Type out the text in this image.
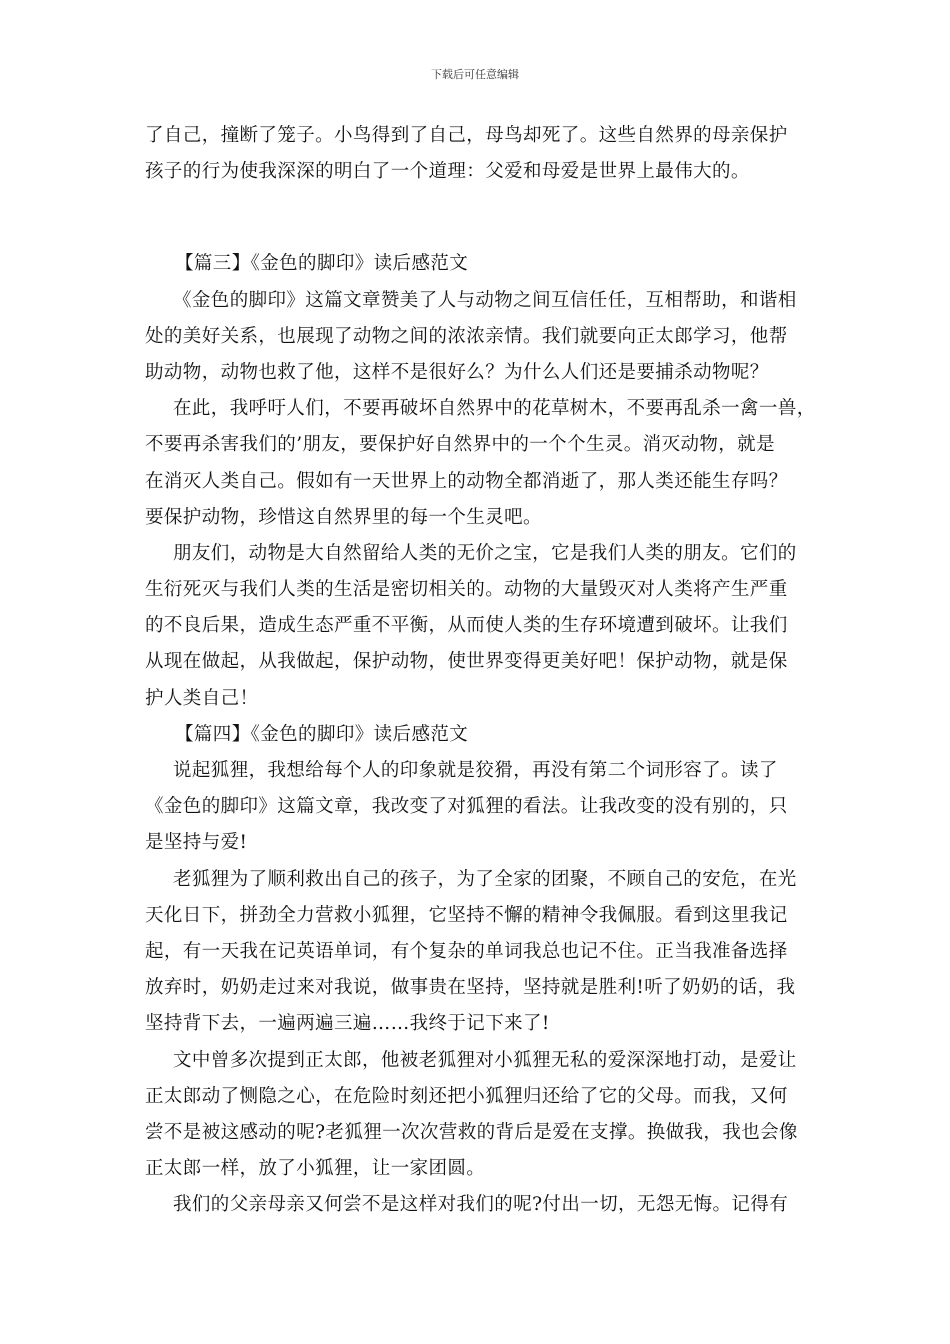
下载后可任意编辑
了自己，撞断了笼子。小鸟得到了自己，母鸟却死了。这些自然界的母亲保护
孩子的行为使我深深的明白了一个道理：父爱和母爱是世界上最伟大的。
【篇三】《金色的脚印》读后感范文
《金色的脚印》这篇文章赞美了人与动物之间互信任任，互相帮助，和谐相
处的美好关系，也展现了动物之间的浓浓亲情。我们就要向正太郎学习，他帮
助动物，动物也救了他，这样不是很好么？为什么人们还是要捕杀动物呢？
在此，我呼吁人们，不要再破坏自然界中的花草树木，不要再乱杀一禽一兽，
不要再杀害我们的’朋友，要保护好自然界中的一个个生灵。消灭动物，就是
在消灭人类自己。假如有一天世界上的动物全都消逝了，那人类还能生存吗？
要保护动物，珍惜这自然界里的每一个生灵吧。
朋友们，动物是大自然留给人类的无价之宝，它是我们人类的朋友。它们的
生衍死灭与我们人类的生活是密切相关的。动物的大量毁灭对人类将产生严重
的不良后果，造成生态严重不平衡，从而使人类的生存环境遭到破坏。让我们
从现在做起，从我做起，保护动物，使世界变得更美好吧！保护动物，就是保
护人类自己！
【篇四】《金色的脚印》读后感范文
说起狐狸，我想给每个人的印象就是狡猾，再没有第二个词形容了。读了
《金色的脚印》这篇文章，我改变了对狐狸的看法。让我改变的没有别的，只
是坚持与爱!
老狐狸为了顺利救出自己的孩子，为了全家的团聚，不顾自己的安危，在光
天化日下，拼劲全力营救小狐狸，它坚持不懈的精神令我佩服。看到这里我记
起，有一天我在记英语单词，有个复杂的单词我总也记不住。正当我准备选择
放弃时，奶奶走过来对我说，做事贵在坚持，坚持就是胜利!听了奶奶的话，我
坚持背下去，一遍两遍三遍……我终于记下来了!
文中曾多次提到正太郎，他被老狐狸对小狐狸无私的爱深深地打动，是爱让
正太郎动了恻隐之心，在危险时刻还把小狐狸归还给了它的父母。而我，又何
尝不是被这感动的呢?老狐狸一次次营救的背后是爱在支撑。换做我，我也会像
正太郎一样，放了小狐狸，让一家团圆。
我们的父亲母亲又何尝不是这样对我们的呢?付出一切，无怨无悔。记得有
